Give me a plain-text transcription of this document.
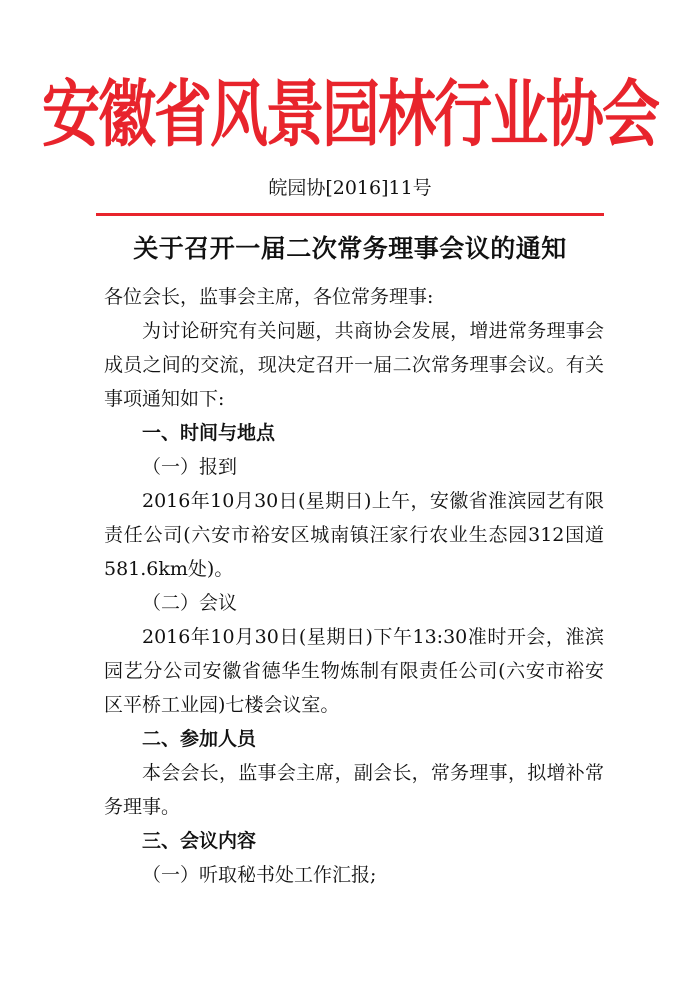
安徽省风景园林行业协会
皖园协[2016]11号
关于召开一届二次常务理事会议的通知

各位会长，监事会主席，各位常务理事:

为讨论研究有关问题，共商协会发展，增进常务理事会成员之间的交流，现决定召开一届二次常务理事会议。有关事项通知如下:

一、时间与地点

（一）报到

2016年10月30日(星期日)上午，安徽省淮滨园艺有限责任公司(六安市裕安区城南镇汪家行农业生态园312国道581.6km处)。

（二）会议

2016年10月30日(星期日)下午13:30准时开会，淮滨园艺分公司安徽省德华生物炼制有限责任公司(六安市裕安区平桥工业园)七楼会议室。

二、参加人员

本会会长，监事会主席，副会长，常务理事，拟增补常务理事。

三、会议内容

（一）听取秘书处工作汇报;
